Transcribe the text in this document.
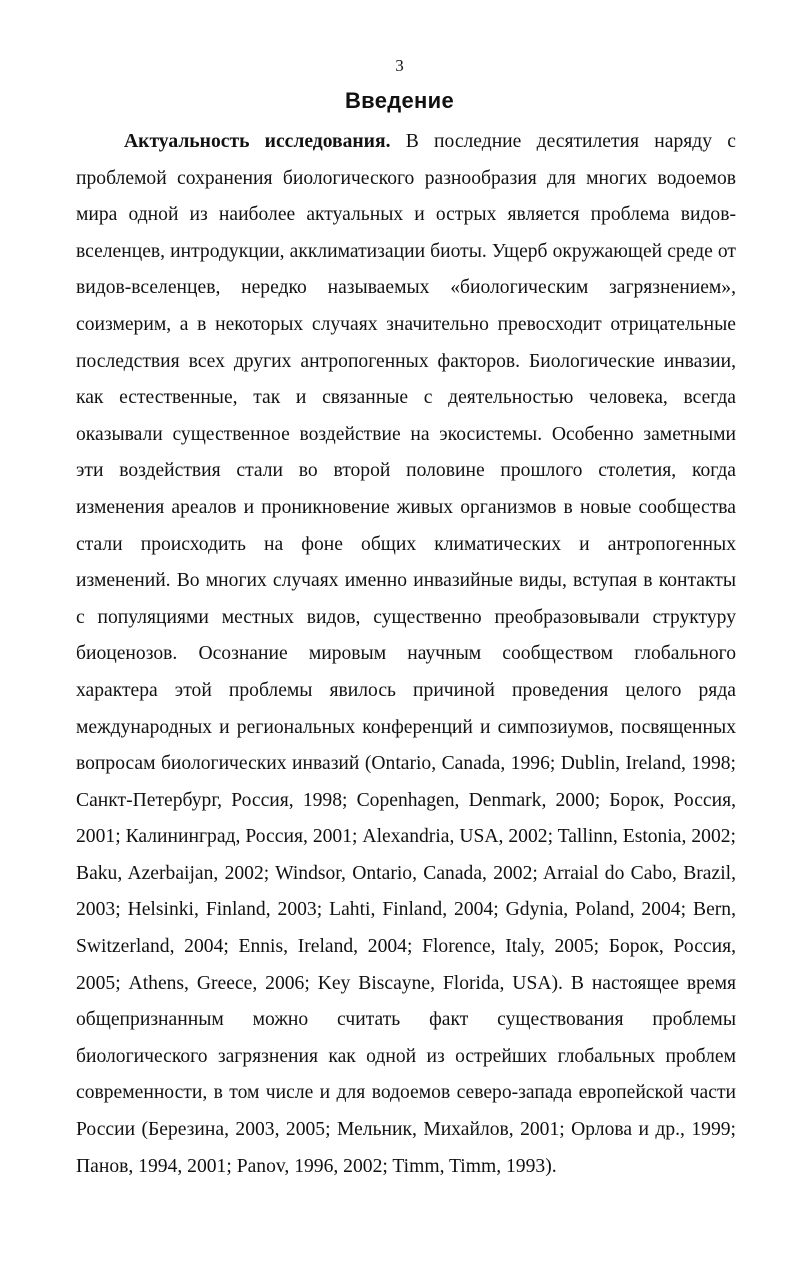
3
Введение

Актуальность исследования. В последние десятилетия наряду с проблемой сохранения биологического разнообразия для многих водоемов мира одной из наиболее актуальных и острых является проблема видов-вселенцев, интродукции, акклиматизации биоты. Ущерб окружающей среде от видов-вселенцев, нередко называемых «биологическим загрязнением», соизмерим, а в некоторых случаях значительно превосходит отрицательные последствия всех других антропогенных факторов. Биологические инвазии, как естественные, так и связанные с деятельностью человека, всегда оказывали существенное воздействие на экосистемы. Особенно заметными эти воздействия стали во второй половине прошлого столетия, когда изменения ареалов и проникновение живых организмов в новые сообщества стали происходить на фоне общих климатических и антропогенных изменений. Во многих случаях именно инвазийные виды, вступая в контакты с популяциями местных видов, существенно преобразовывали структуру биоценозов. Осознание мировым научным сообществом глобального характера этой проблемы явилось причиной проведения целого ряда международных и региональных конференций и симпозиумов, посвященных вопросам биологических инвазий (Ontario, Canada, 1996; Dublin, Ireland, 1998; Санкт-Петербург, Россия, 1998; Copenhagen, Denmark, 2000; Борок, Россия, 2001; Калининград, Россия, 2001; Alexandria, USA, 2002; Tallinn, Estonia, 2002; Baku, Azerbaijan, 2002; Windsor, Ontario, Canada, 2002; Arraial do Cabo, Brazil, 2003; Helsinki, Finland, 2003; Lahti, Finland, 2004; Gdynia, Poland, 2004; Bern, Switzerland, 2004; Ennis, Ireland, 2004; Florence, Italy, 2005; Борок, Россия, 2005; Athens, Greece, 2006; Key Biscayne, Florida, USA). В настоящее время общепризнанным можно считать факт существования проблемы биологического загрязнения как одной из острейших глобальных проблем современности, в том числе и для водоемов северо-запада европейской части России (Березина, 2003, 2005; Мельник, Михайлов, 2001; Орлова и др., 1999; Панов, 1994, 2001; Panov, 1996, 2002; Timm, Timm, 1993).
